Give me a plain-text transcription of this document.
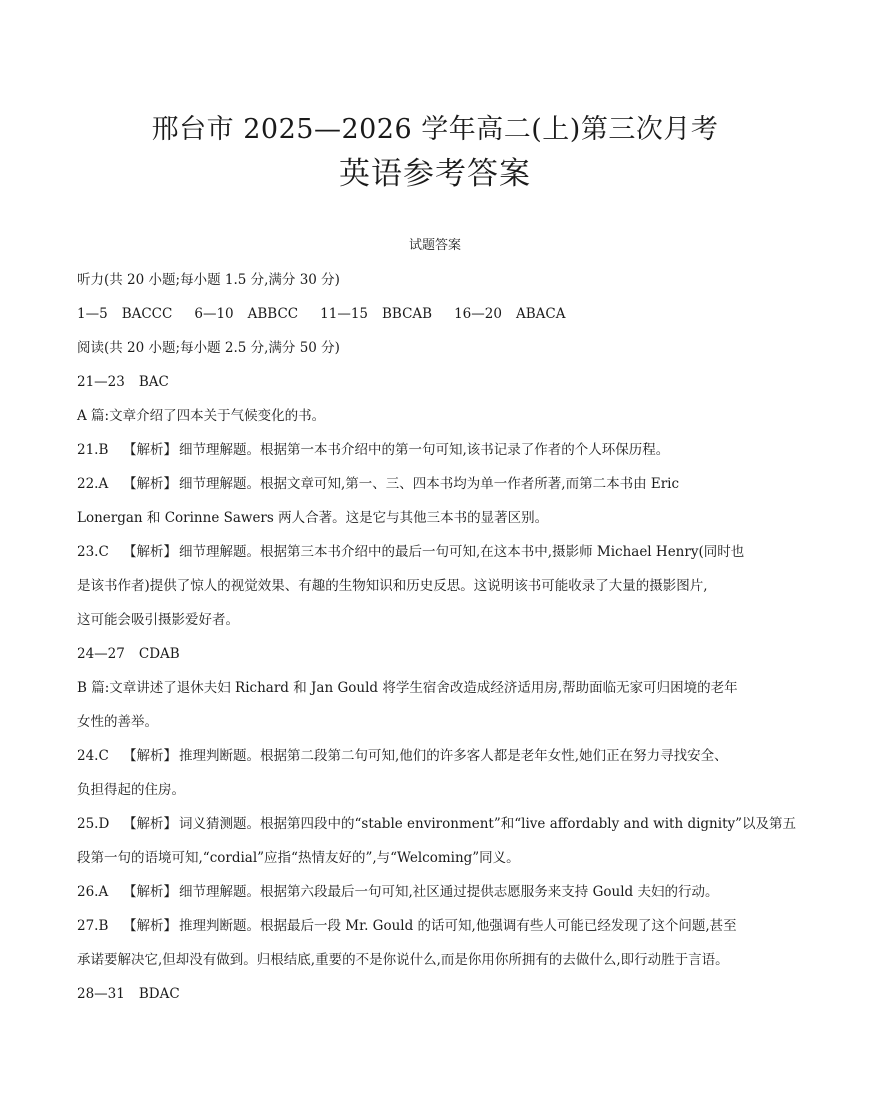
邢台市 2025—2026 学年高二(上)第三次月考
英语参考答案
试题答案

听力(共 20 小题;每小题 1.5 分,满分 30 分)

1—5 BACCC 6—10 ABBCC 11—15 BBCAB 16—20 ABACA

阅读(共 20 小题;每小题 2.5 分,满分 50 分)

21—23 BAC

A 篇:文章介绍了四本关于气候变化的书。

21.B 【解析】 细节理解题。根据第一本书介绍中的第一句可知,该书记录了作者的个人环保历程。

22.A 【解析】 细节理解题。根据文章可知,第一、三、四本书均为单一作者所著,而第二本书由 Eric

Lonergan 和 Corinne Sawers 两人合著。这是它与其他三本书的显著区别。

23.C 【解析】 细节理解题。根据第三本书介绍中的最后一句可知,在这本书中,摄影师 Michael Henry(同时也

是该书作者)提供了惊人的视觉效果、有趣的生物知识和历史反思。这说明该书可能收录了大量的摄影图片,

这可能会吸引摄影爱好者。

24—27 CDAB

B 篇:文章讲述了退休夫妇 Richard 和 Jan Gould 将学生宿舍改造成经济适用房,帮助面临无家可归困境的老年

女性的善举。

24.C 【解析】 推理判断题。根据第二段第二句可知,他们的许多客人都是老年女性,她们正在努力寻找安全、

负担得起的住房。

25.D 【解析】 词义猜测题。根据第四段中的“stable environment”和“live affordably and with dignity”以及第五

段第一句的语境可知,“cordial”应指“热情友好的”,与“Welcoming”同义。

26.A 【解析】 细节理解题。根据第六段最后一句可知,社区通过提供志愿服务来支持 Gould 夫妇的行动。

27.B 【解析】 推理判断题。根据最后一段 Mr. Gould 的话可知,他强调有些人可能已经发现了这个问题,甚至

承诺要解决它,但却没有做到。归根结底,重要的不是你说什么,而是你用你所拥有的去做什么,即行动胜于言语。

28—31 BDAC
